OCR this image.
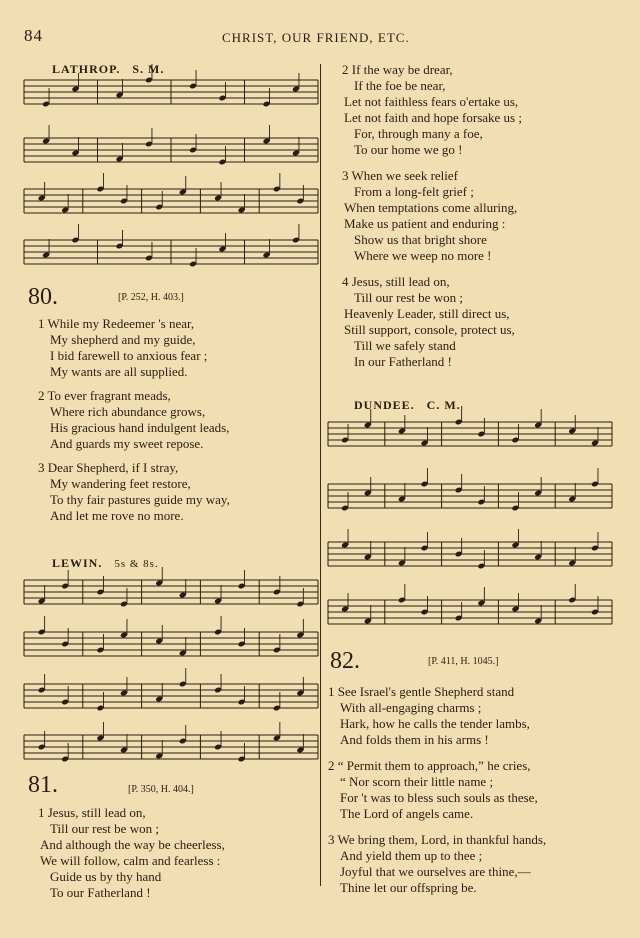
84	CHRIST, OUR FRIEND, ETC.
LATHROP. S. M.
80.	[P. 252, H. 403.]
1 While my Redeemer 's near,
My shepherd and my guide,
I bid farewell to anxious fear ;
My wants are all supplied.
2 To ever fragrant meads,
Where rich abundance grows,
His gracious hand indulgent leads,
And guards my sweet repose.
3 Dear Shepherd, if I stray,
My wandering feet restore,
To thy fair pastures guide my way,
And let me rove no more.
LEWIN. 5s & 8s.
81.	[P. 350, H. 404.]
1 Jesus, still lead on,
Till our rest be won ;
And although the way be cheerless,
We will follow, calm and fearless :
Guide us by thy hand
To our Fatherland !
2 If the way be drear,
If the foe be near,
Let not faithless fears o'ertake us,
Let not faith and hope forsake us ;
For, through many a foe,
To our home we go !
3 When we seek relief
From a long-felt grief ;
When temptations come alluring,
Make us patient and enduring :
Show us that bright shore
Where we weep no more !
4 Jesus, still lead on,
Till our rest be won ;
Heavenly Leader, still direct us,
Still support, console, protect us,
Till we safely stand
In our Fatherland !
DUNDEE. C. M.
82.	[P. 411, H. 1045.]
1 See Israel's gentle Shepherd stand
With all-engaging charms ;
Hark, how he calls the tender lambs,
And folds them in his arms !
2 “ Permit them to approach,” he cries,
“ Nor scorn their little name ;
For 't was to bless such souls as these,
The Lord of angels came.
3 We bring them, Lord, in thankful hands,
And yield them up to thee ;
Joyful that we ourselves are thine,—
Thine let our offspring be.
